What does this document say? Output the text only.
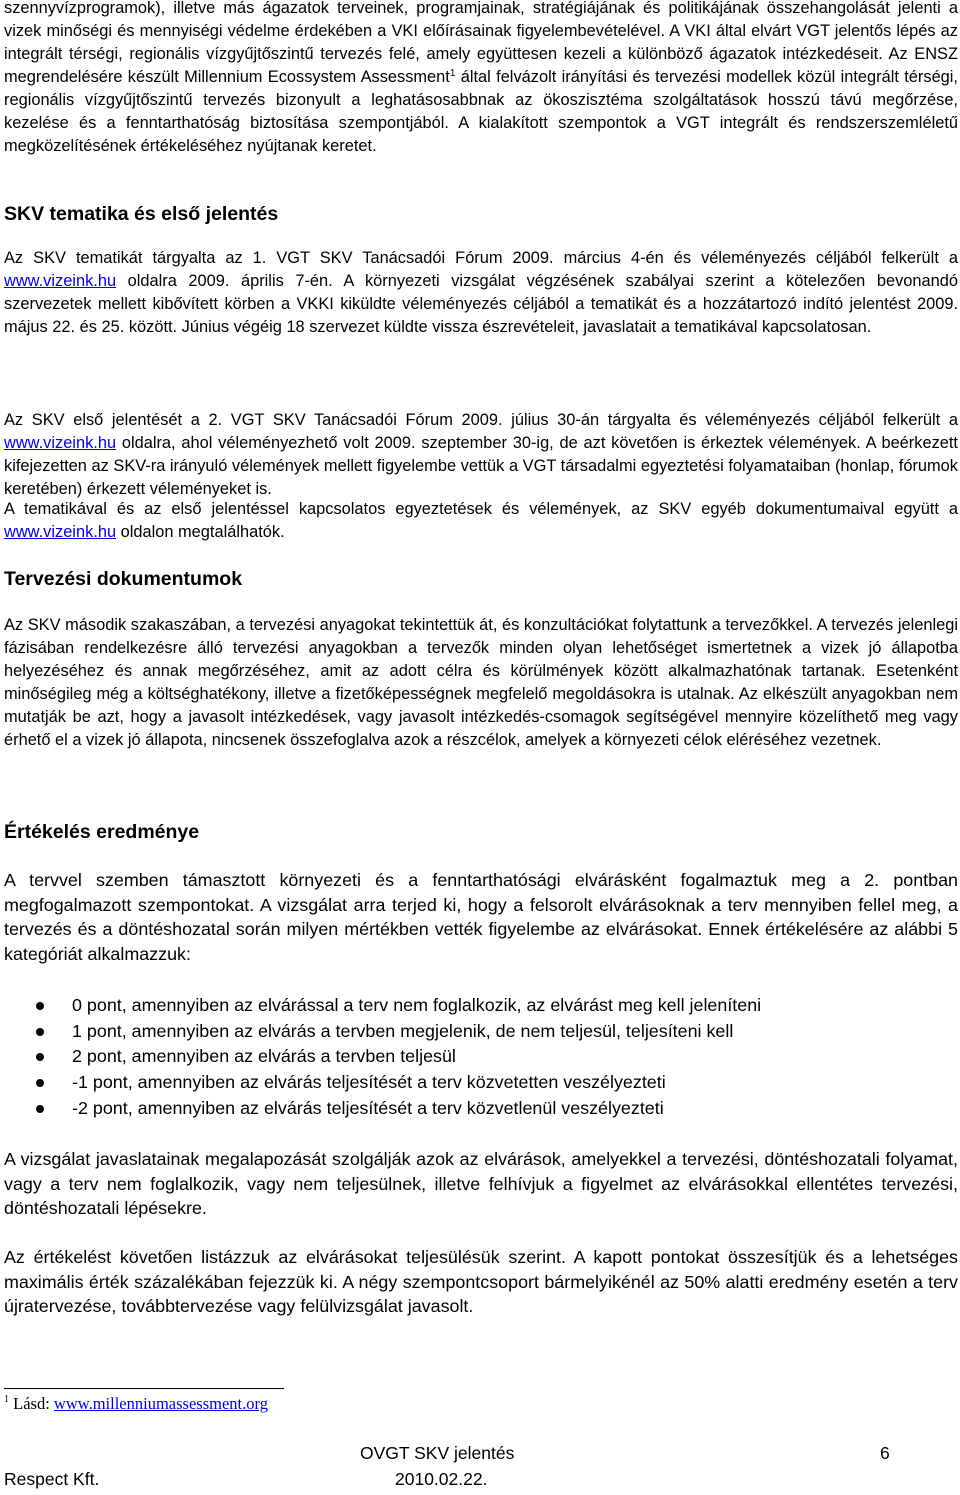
szennyvízprogramok), illetve más ágazatok terveinek, programjainak, stratégiájának és politikájának összehangolását jelenti a vizek minőségi és mennyiségi védelme érdekében a VKI előírásainak figyelembevételével. A VKI által elvárt VGT jelentős lépés az integrált térségi, regionális vízgyűjtőszintű tervezés felé, amely együttesen kezeli a különböző ágazatok intézkedéseit. Az ENSZ megrendelésére készült Millennium Ecossystem Assessment$^1$ által felvázolt irányítási és tervezési modellek közül integrált térségi, regionális vízgyűjtőszintű tervezés bizonyult a leghatásosabbnak az ökoszisztéma szolgáltatások hosszú távú megőrzése, kezelése és a fenntarthatóság biztosítása szempontjából. A kialakított szempontok a VGT integrált és rendszerszemléletű megközelítésének értékeléséhez nyújtanak keretet.

SKV tematika és első jelentés

Az SKV tematikát tárgyalta az 1. VGT SKV Tanácsadói Fórum 2009. március 4-én és véleményezés céljából felkerült a www.vizeink.hu oldalra 2009. április 7-én. A környezeti vizsgálat végzésének szabályai szerint a kötelezően bevonandó szervezetek mellett kibővített körben a VKKI kiküldte véleményezés céljából a tematikát és a hozzátartozó indító jelentést 2009. május 22. és 25. között. Június végéig 18 szervezet küldte vissza észrevételeit, javaslatait a tematikával kapcsolatosan.

Az SKV első jelentését a 2. VGT SKV Tanácsadói Fórum 2009. július 30-án tárgyalta és véleményezés céljából felkerült a www.vizeink.hu oldalra, ahol véleményezhető volt 2009. szeptember 30-ig, de azt követően is érkeztek vélemények. A beérkezett kifejezetten az SKV-ra irányuló vélemények mellett figyelembe vettük a VGT társadalmi egyeztetési folyamataiban (honlap, fórumok keretében) érkezett véleményeket is.

A tematikával és az első jelentéssel kapcsolatos egyeztetések és vélemények, az SKV egyéb dokumentumaival együtt a www.vizeink.hu oldalon megtalálhatók.

Tervezési dokumentumok

Az SKV második szakaszában, a tervezési anyagokat tekintettük át, és konzultációkat folytattunk a tervezőkkel. A tervezés jelenlegi fázisában rendelkezésre álló tervezési anyagokban a tervezők minden olyan lehetőséget ismertetnek a vizek jó állapotba helyezéséhez és annak megőrzéséhez, amit az adott célra és körülmények között alkalmazhatónak tartanak. Esetenként minőségileg még a költséghatékony, illetve a fizetőképességnek megfelelő megoldásokra is utalnak. Az elkészült anyagokban nem mutatják be azt, hogy a javasolt intézkedések, vagy javasolt intézkedés-csomagok segítségével mennyire közelíthető meg vagy érhető el a vizek jó állapota, nincsenek összefoglalva azok a részcélok, amelyek a környezeti célok eléréséhez vezetnek.

Értékelés eredménye

A tervvel szemben támasztott környezeti és a fenntarthatósági elvárásként fogalmaztuk meg a 2. pontban megfogalmazott szempontokat. A vizsgálat arra terjed ki, hogy a felsorolt elvárásoknak a terv mennyiben fellel meg, a tervezés és a döntéshozatal során milyen mértékben vették figyelembe az elvárásokat. Ennek értékelésére az alábbi 5 kategóriát alkalmazzuk:

0 pont, amennyiben az elvárással a terv nem foglalkozik, az elvárást meg kell jeleníteni
1 pont, amennyiben az elvárás a tervben megjelenik, de nem teljesül, teljesíteni kell
2 pont, amennyiben az elvárás a tervben teljesül
-1 pont, amennyiben az elvárás teljesítését a terv közvetetten veszélyezteti
-2 pont, amennyiben az elvárás teljesítését a terv közvetlenül veszélyezteti

A vizsgálat javaslatainak megalapozását szolgálják azok az elvárások, amelyekkel a tervezési, döntéshozatali folyamat, vagy a terv nem foglalkozik, vagy nem teljesülnek, illetve felhívjuk a figyelmet az elvárásokkal ellentétes tervezési, döntéshozatali lépésekre.

Az értékelést követően listázzuk az elvárásokat teljesülésük szerint. A kapott pontokat összesítjük és a lehetséges maximális érték százalékában fejezzük ki. A négy szempontcsoport bármelyikénél az 50% alatti eredmény esetén a terv újratervezése, továbbtervezése vagy felülvizsgálat javasolt.

$^1$ Lásd: www.millenniumassessment.org
OVGT SKV jelentés	6
Respect Kft.	2010.02.22.
